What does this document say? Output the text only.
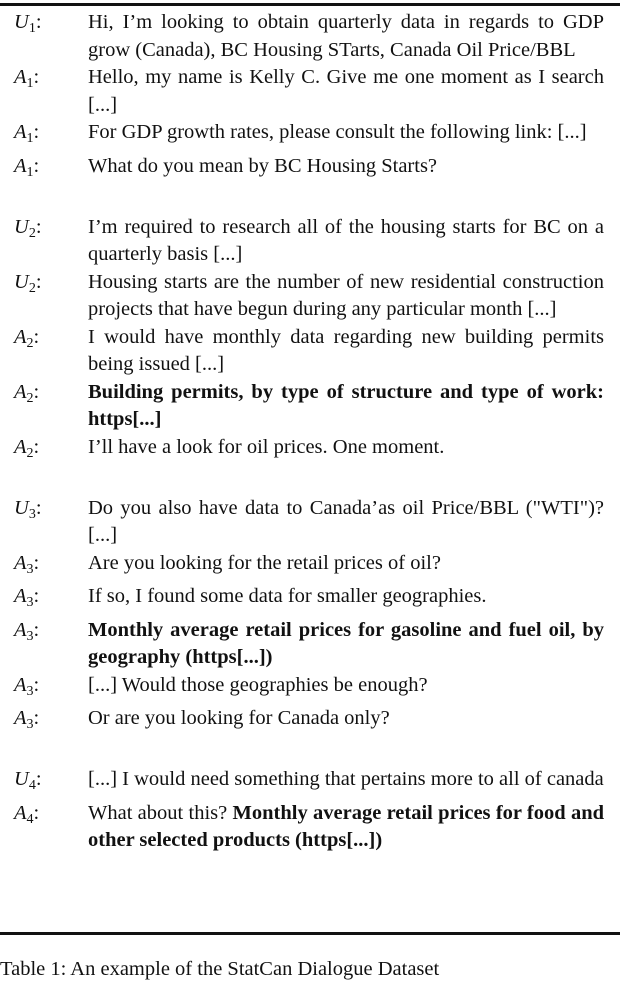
U1:	Hi, I’m looking to obtain quarterly data in regards to GDP grow (Canada), BC Housing STarts, Canada Oil Price/BBL
A1:	Hello, my name is Kelly C. Give me one moment as I search [...]
A1:	For GDP growth rates, please consult the following link: [...]
A1:	What do you mean by BC Housing Starts?
U2:	I’m required to research all of the housing starts for BC on a quarterly basis [...]
U2:	Housing starts are the number of new residential construction projects that have begun during any particular month [...]
A2:	I would have monthly data regarding new building permits being issued [...]
A2:	Building permits, by type of structure and type of work: https[...]
A2:	I’ll have a look for oil prices. One moment.
U3:	Do you also have data to Canada’as oil Price/BBL ("WTI")? [...]
A3:	Are you looking for the retail prices of oil?
A3:	If so, I found some data for smaller geographies.
A3:	Monthly average retail prices for gasoline and fuel oil, by geography (https[...])
A3:	[...] Would those geographies be enough?
A3:	Or are you looking for Canada only?
U4:	[...] I would need something that pertains more to all of canada
A4:	What about this? Monthly average retail prices for food and other selected products (https[...])
Table 1: An example of the StatCan Dialogue Dataset
